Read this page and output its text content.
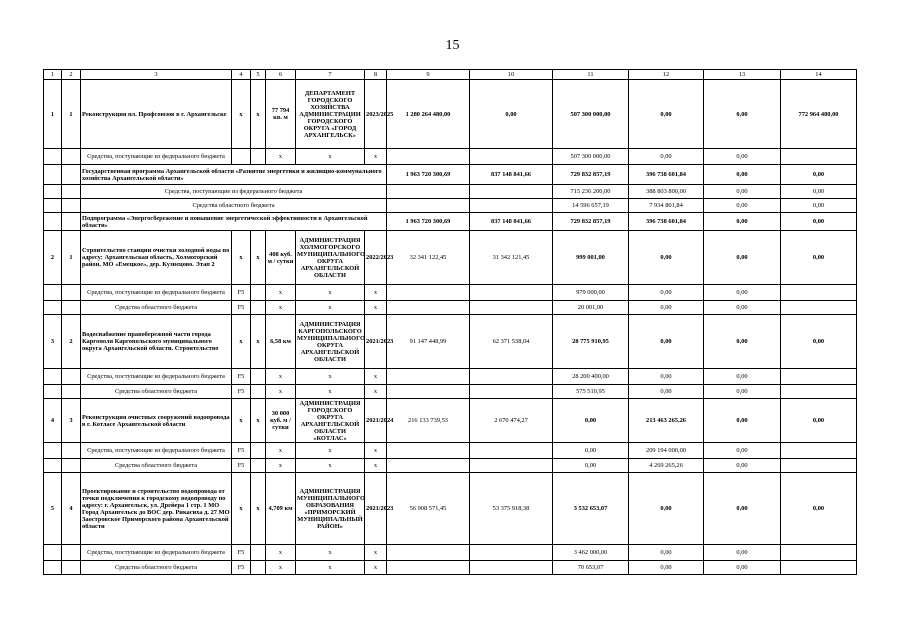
15
1	2	3	4	5	6	7	8	9	10	11	12	13	14
1	1	Реконструкция пл. Профсоюзов в г. Архангельске	х	х	77 794 кв. м	ДЕПАРТАМЕНТ ГОРОДСКОГО ХОЗЯЙСТВА АДМИНИСТРАЦИИ ГОРОДСКОГО ОКРУГА «ГОРОД АРХАНГЕЛЬСК»	2023/2025	1 280 264 480,00	0,00	507 300 000,00	0,00	0,00	772 964 480,00
		Средства, поступающие из федерального бюджета			х	х	х			507 300 000,00	0,00	0,00	
		Государственная программа Архангельской области «Развитие энергетики и жилищно-коммунального хозяйства Архангельской области»						1 963 720 300,69	837 148 841,66	729 832 857,19	396 738 601,84	0,00	0,00
		Средства, поступающие из федерального бюджета								715 236 200,00	388 803 800,00	0,00	0,00
		Средства областного бюджета								14 596 657,19	7 934 801,84	0,00	0,00
		Подпрограмма «Энергосбережение и повышение энергетической эффективности в Архангельской области»						1 963 720 300,69	837 148 841,66	729 832 857,19	396 738 601,84	0,00	0,00
2	1	Строительство станции очистки холодной воды по адресу: Архангельская область, Холмогорский район, МО «Емецкое», дер. Кузнецово. Этап 2	х	х	408 куб. м / сутки	АДМИНИСТРАЦИЯ ХОЛМОГОРСКОГО МУНИЦИПАЛЬНОГО ОКРУГА АРХАНГЕЛЬСКОЙ ОБЛАСТИ	2022/2023	32 341 122,45	31 342 121,45	999 001,00	0,00	0,00	0,00
		Средства, поступающие из федерального бюджета	F5		х	х	х			979 000,00	0,00	0,00	
		Средства областного бюджета	F5		х	х	х			20 001,00	0,00	0,00	
3	2	Водоснабжение правобережной части города Каргополя Каргопольского муниципального округа Архангельской области. Строительство	х	х	6,58 км	АДМИНИСТРАЦИЯ КАРГОПОЛЬСКОГО МУНИЦИПАЛЬНОГО ОКРУГА АРХАНГЕЛЬСКОЙ ОБЛАСТИ	2021/2023	91 147 448,99	62 371 538,04	28 775 910,95	0,00	0,00	0,00
		Средства, поступающие из федерального бюджета	F5		х	х	х			28 200 400,00	0,00	0,00	
		Средства областного бюджета	F5		х	х	х			575 510,95	0,00	0,00	
4	3	Реконструкция очистных сооружений водопровода в г. Котласе Архангельской области	х	х	30 000 куб. м / сутки	АДМИНИСТРАЦИЯ ГОРОДСКОГО ОКРУГА АРХАНГЕЛЬСКОЙ ОБЛАСТИ «КОТЛАС»	2021/2024	216 133 739,53	2 670 474,27	0,00	213 463 265,26	0,00	0,00
		Средства, поступающие из федерального бюджета	F5		х	х	х			0,00	209 194 000,00	0,00	
		Средства областного бюджета	F5		х	х	х			0,00	4 269 265,26	0,00	
5	4	Проектирование и строительство водопровода от точки подключения к городскому водопроводу по адресу: г. Архангельск, ул. Дрейера 1 стр. 1 МО Город Архангельск до ВОС дер. Рикасиха д. 27 МО Заостровское Приморского района Архангельской области	х	х	4,709 км	АДМИНИСТРАЦИЯ МУНИЦИПАЛЬНОГО ОБРАЗОВАНИЯ «ПРИМОРСКИЙ МУНИЦИПАЛЬНЫЙ РАЙОН»	2021/2023	56 908 571,45	53 375 918,38	3 532 653,07	0,00	0,00	0,00
		Средства, поступающие из федерального бюджета	F5		х	х	х			3 462 000,00	0,00	0,00	
		Средства областного бюджета	F5		х	х	х			70 653,07	0,00	0,00	
